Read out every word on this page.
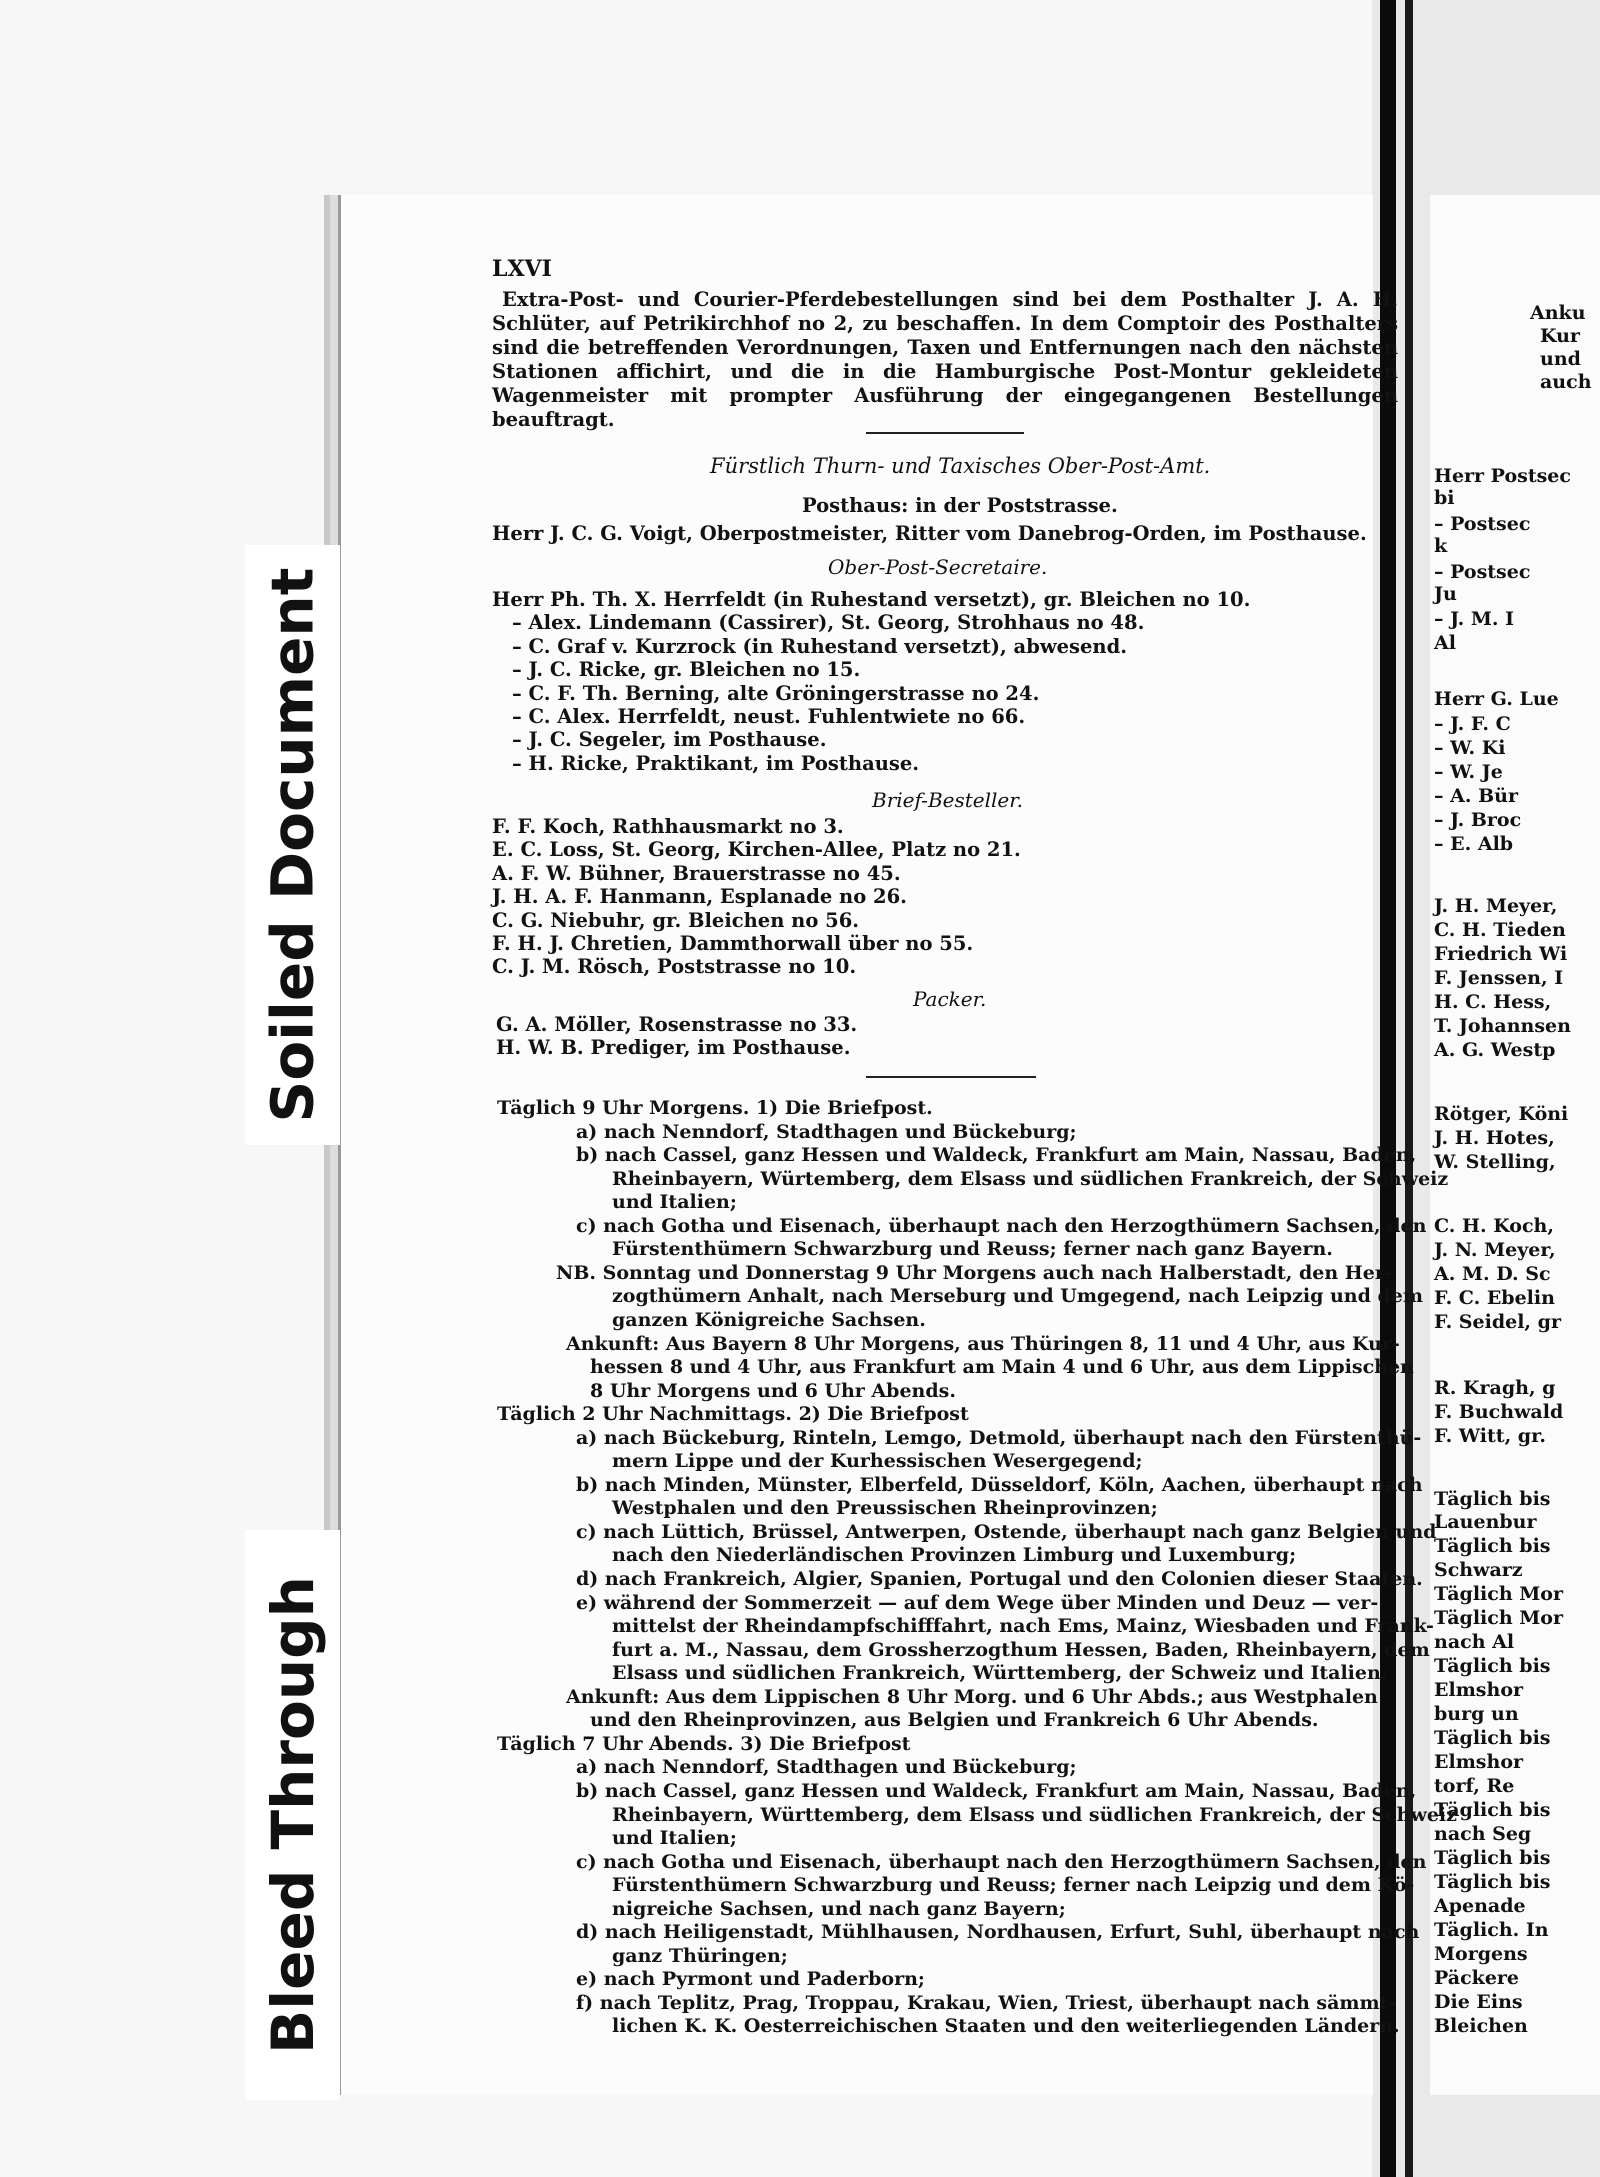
Anku
Kur
und
auch
Herr Postsec
bi
– Postsec
k
– Postsec
Ju
– J. M. I
Al
Herr G. Lue
– J. F. C
– W. Ki
– W. Je
– A. Bür
– J. Broc
– E. Alb
J. H. Meyer,
C. H. Tieden
Friedrich Wi
F. Jenssen, I
H. C. Hess,
T. Johannsen
A. G. Westp
Rötger, Köni
J. H. Hotes,
W. Stelling,
C. H. Koch,
J. N. Meyer,
A. M. D. Sc
F. C. Ebelin
F. Seidel, gr
R. Kragh, g
F. Buchwald
F. Witt, gr.
Täglich bis
Lauenbur
Täglich bis
Schwarz
Täglich Mor
Täglich Mor
nach Al
Täglich bis
Elmshor
burg un
Täglich bis
Elmshor
torf, Re
Täglich bis
nach Seg
Täglich bis
Täglich bis
Apenade
Täglich. In
Morgens
Päckere
Die Eins
Bleichen
Soiled Document
Bleed Through
LXVI
Extra-Post- und Courier-Pferdebestellungen sind bei dem Posthalter J. A. H. Schlüter, auf Petrikirchhof no 2, zu beschaffen. In dem Comptoir des Posthalters sind die betreffenden Verordnungen, Taxen und Entfernungen nach den nächsten Stationen affichirt, und die in die Hamburgische Post-Montur gekleideten Wagenmeister mit prompter Ausführung der eingegangenen Bestellungen beauftragt.
Fürstlich Thurn- und Taxisches Ober-Post-Amt.
Posthaus: in der Poststrasse.
Herr J. C. G. Voigt, Oberpostmeister, Ritter vom Danebrog-Orden, im Posthause.
Ober-Post-Secretaire.
Herr Ph. Th. X. Herrfeldt (in Ruhestand versetzt), gr. Bleichen no 10.
– Alex. Lindemann (Cassirer), St. Georg, Strohhaus no 48.
– C. Graf v. Kurzrock (in Ruhestand versetzt), abwesend.
– J. C. Ricke, gr. Bleichen no 15.
– C. F. Th. Berning, alte Gröningerstrasse no 24.
– C. Alex. Herrfeldt, neust. Fuhlentwiete no 66.
– J. C. Segeler, im Posthause.
– H. Ricke, Praktikant, im Posthause.
Brief-Besteller.
F. F. Koch, Rathhausmarkt no 3.
E. C. Loss, St. Georg, Kirchen-Allee, Platz no 21.
A. F. W. Bühner, Brauerstrasse no 45.
J. H. A. F. Hanmann, Esplanade no 26.
C. G. Niebuhr, gr. Bleichen no 56.
F. H. J. Chretien, Dammthorwall über no 55.
C. J. M. Rösch, Poststrasse no 10.
Packer.
G. A. Möller, Rosenstrasse no 33.
H. W. B. Prediger, im Posthause.
Täglich 9 Uhr Morgens. 1) Die Briefpost.
a) nach Nenndorf, Stadthagen und Bückeburg;
b) nach Cassel, ganz Hessen und Waldeck, Frankfurt am Main, Nassau, Baden,
Rheinbayern, Würtemberg, dem Elsass und südlichen Frankreich, der Schweiz
und Italien;
c) nach Gotha und Eisenach, überhaupt nach den Herzogthümern Sachsen, den
Fürstenthümern Schwarzburg und Reuss; ferner nach ganz Bayern.
NB. Sonntag und Donnerstag 9 Uhr Morgens auch nach Halberstadt, den Her-
zogthümern Anhalt, nach Merseburg und Umgegend, nach Leipzig und dem
ganzen Königreiche Sachsen.
Ankunft: Aus Bayern 8 Uhr Morgens, aus Thüringen 8, 11 und 4 Uhr, aus Kur-
hessen 8 und 4 Uhr, aus Frankfurt am Main 4 und 6 Uhr, aus dem Lippischen
8 Uhr Morgens und 6 Uhr Abends.
Täglich 2 Uhr Nachmittags. 2) Die Briefpost
a) nach Bückeburg, Rinteln, Lemgo, Detmold, überhaupt nach den Fürstenthü-
mern Lippe und der Kurhessischen Wesergegend;
b) nach Minden, Münster, Elberfeld, Düsseldorf, Köln, Aachen, überhaupt nach
Westphalen und den Preussischen Rheinprovinzen;
c) nach Lüttich, Brüssel, Antwerpen, Ostende, überhaupt nach ganz Belgien und
nach den Niederländischen Provinzen Limburg und Luxemburg;
d) nach Frankreich, Algier, Spanien, Portugal und den Colonien dieser Staaten.
e) während der Sommerzeit — auf dem Wege über Minden und Deuz — ver-
mittelst der Rheindampfschifffahrt, nach Ems, Mainz, Wiesbaden und Frank-
furt a. M., Nassau, dem Grossherzogthum Hessen, Baden, Rheinbayern, dem
Elsass und südlichen Frankreich, Württemberg, der Schweiz und Italien.
Ankunft: Aus dem Lippischen 8 Uhr Morg. und 6 Uhr Abds.; aus Westphalen
und den Rheinprovinzen, aus Belgien und Frankreich 6 Uhr Abends.
Täglich 7 Uhr Abends. 3) Die Briefpost
a) nach Nenndorf, Stadthagen und Bückeburg;
b) nach Cassel, ganz Hessen und Waldeck, Frankfurt am Main, Nassau, Baden,
Rheinbayern, Württemberg, dem Elsass und südlichen Frankreich, der Schweiz
und Italien;
c) nach Gotha und Eisenach, überhaupt nach den Herzogthümern Sachsen, den
Fürstenthümern Schwarzburg und Reuss; ferner nach Leipzig und dem Kö-
nigreiche Sachsen, und nach ganz Bayern;
d) nach Heiligenstadt, Mühlhausen, Nordhausen, Erfurt, Suhl, überhaupt nach
ganz Thüringen;
e) nach Pyrmont und Paderborn;
f) nach Teplitz, Prag, Troppau, Krakau, Wien, Triest, überhaupt nach sämmt-
lichen K. K. Oesterreichischen Staaten und den weiterliegenden Ländern.
